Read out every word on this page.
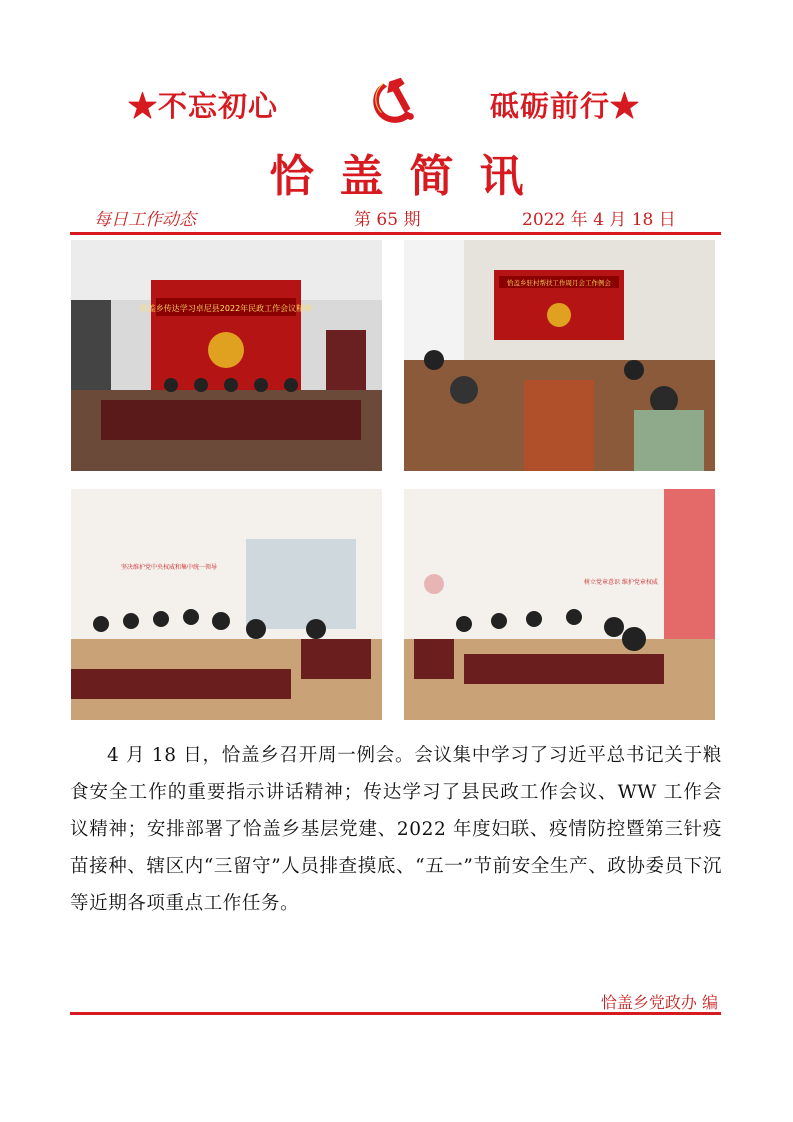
★不忘初心	砥砺前行★
恰盖简讯
每日工作动态	第 65 期	2022 年 4 月 18 日
恰盖乡传达学习卓尼县2022年民政工作会议精神
恰盖乡驻村帮扶工作周月会工作例会
坚决维护党中央权威和集中统一领导
树立党章意识 维护党章权威
4 月 18 日，恰盖乡召开周一例会。会议集中学习了习近平总书记关于粮食安全工作的重要指示讲话精神；传达学习了县民政工作会议、WW 工作会议精神；安排部署了恰盖乡基层党建、2022 年度妇联、疫情防控暨第三针疫苗接种、辖区内“三留守”人员排查摸底、“五一”节前安全生产、政协委员下沉等近期各项重点工作任务。
恰盖乡党政办 编
